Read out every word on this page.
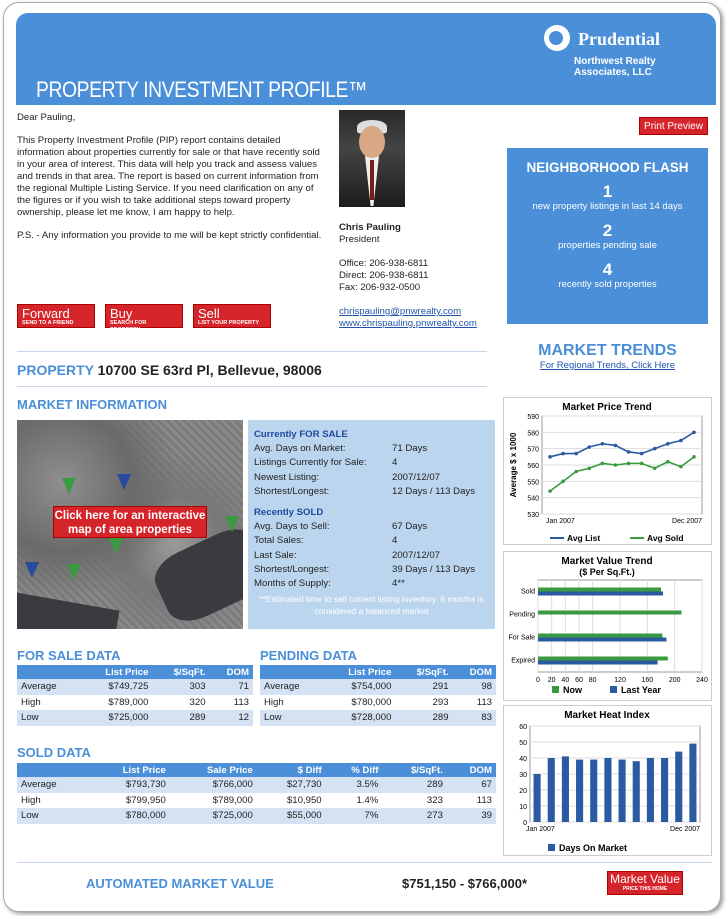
PROPERTY INVESTMENT PROFILE™
Prudential
Northwest Realty
Associates, LLC

Dear Pauling,

This Property Investment Profile (PIP) report contains detailed information about properties currently for sale or that have recently sold in your area of interest. This data will help you track and assess values and trends in that area. The report is based on current information from the regional Multiple Listing Service. If you need clarification on any of the figures or if you wish to take additional steps toward property ownership, please let me know, I am happy to help.

P.S. - Any information you provide to me will be kept strictly confidential.

Forward
SEND TO A FRIEND
Buy
SEARCH FOR PROPERTY
Sell
LIST YOUR PROPERTY
Chris Pauling
President
Office: 206-938-6811
Direct: 206-938-6811
Fax: 206-932-0500
chrispauling@pnwrealty.com
www.chrispauling.pnwrealty.com
Print Preview
NEIGHBORHOOD FLASH
1
new property listings in last 14 days
2
properties pending sale
4
recently sold properties
MARKET TRENDS
For Regional Trends, Click Here
PROPERTY 10700 SE 63rd Pl, Bellevue, 98006
MARKET INFORMATION
Click here for an interactive map of area properties
Currently FOR SALE
Avg. Days on Market:	71 Days
Listings Currently for Sale:	4
Newest Listing:	2007/12/07
Shortest/Longest:	12 Days / 113 Days
Recently SOLD
Avg. Days to Sell:	67 Days
Total Sales:	4
Last Sale:	2007/12/07
Shortest/Longest:	39 Days / 113 Days
Months of Supply:	4**
**Estimated time to sell current listing inventory. 6 months is considered a balanced market
FOR SALE DATA
	List Price	$/SqFt.	DOM
Average	$749,725	303	71
High	$789,000	320	113
Low	$725,000	289	12
PENDING DATA
	List Price	$/SqFt.	DOM
Average	$754,000	291	98
High	$780,000	293	113
Low	$728,000	289	83
SOLD DATA
	List Price	Sale Price	$ Diff	% Diff	$/SqFt.	DOM
Average	$793,730	$766,000	$27,730	3.5%	289	67
High	$799,950	$789,000	$10,950	1.4%	323	113
Low	$780,000	$725,000	$55,000	7%	273	39
Market Price Trend
530
540
550
560
570
580
590
Average $ x 1000
Jan 2007	Dec 2007
Avg List	Avg Sold
Market Value Trend
($ Per Sq.Ft.)
0 20 40 60 80	120 160 200 240
Sold
Pending
For Sale
Expired
Now	Last Year
Market Heat Index
0
10
20
30
40
50
60
Jan 2007	Dec 2007
Days On Market
AUTOMATED MARKET VALUE	$751,150 - $766,000*	Market Value
PRICE THIS HOME
